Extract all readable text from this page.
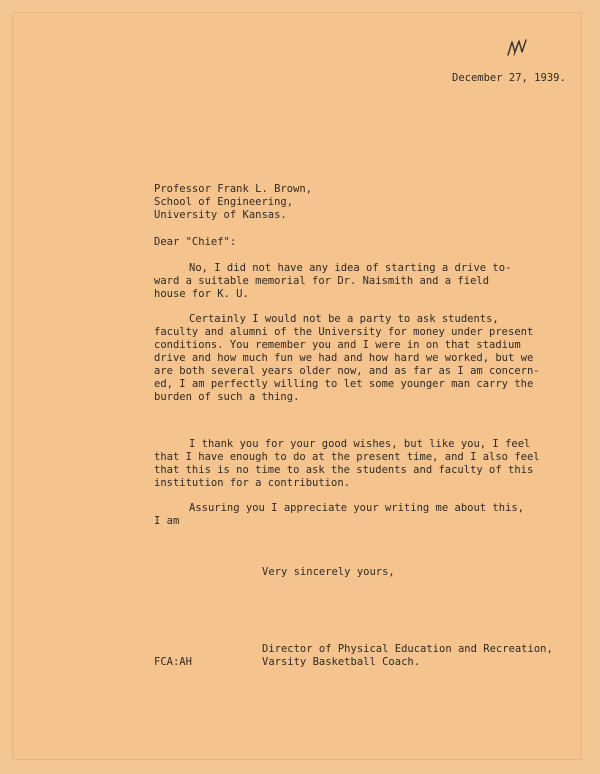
December 27, 1939.
Professor Frank L. Brown,
School of Engineering,
University of Kansas.
Dear "Chief":
No, I did not have any idea of starting a drive to-
ward a suitable memorial for Dr. Naismith and a field
house for K. U.
Certainly I would not be a party to ask students,
faculty and alumni of the University for money under present
conditions. You remember you and I were in on that stadium
drive and how much fun we had and how hard we worked, but we
are both several years older now, and as far as I am concern-
ed, I am perfectly willing to let some younger man carry the
burden of such a thing.
I thank you for your good wishes, but like you, I feel
that I have enough to do at the present time, and I also feel
that this is no time to ask the students and faculty of this
institution for a contribution.
Assuring you I appreciate your writing me about this,
I am
Very sincerely yours,
Director of Physical Education and Recreation,
Varsity Basketball Coach.
FCA:AH
